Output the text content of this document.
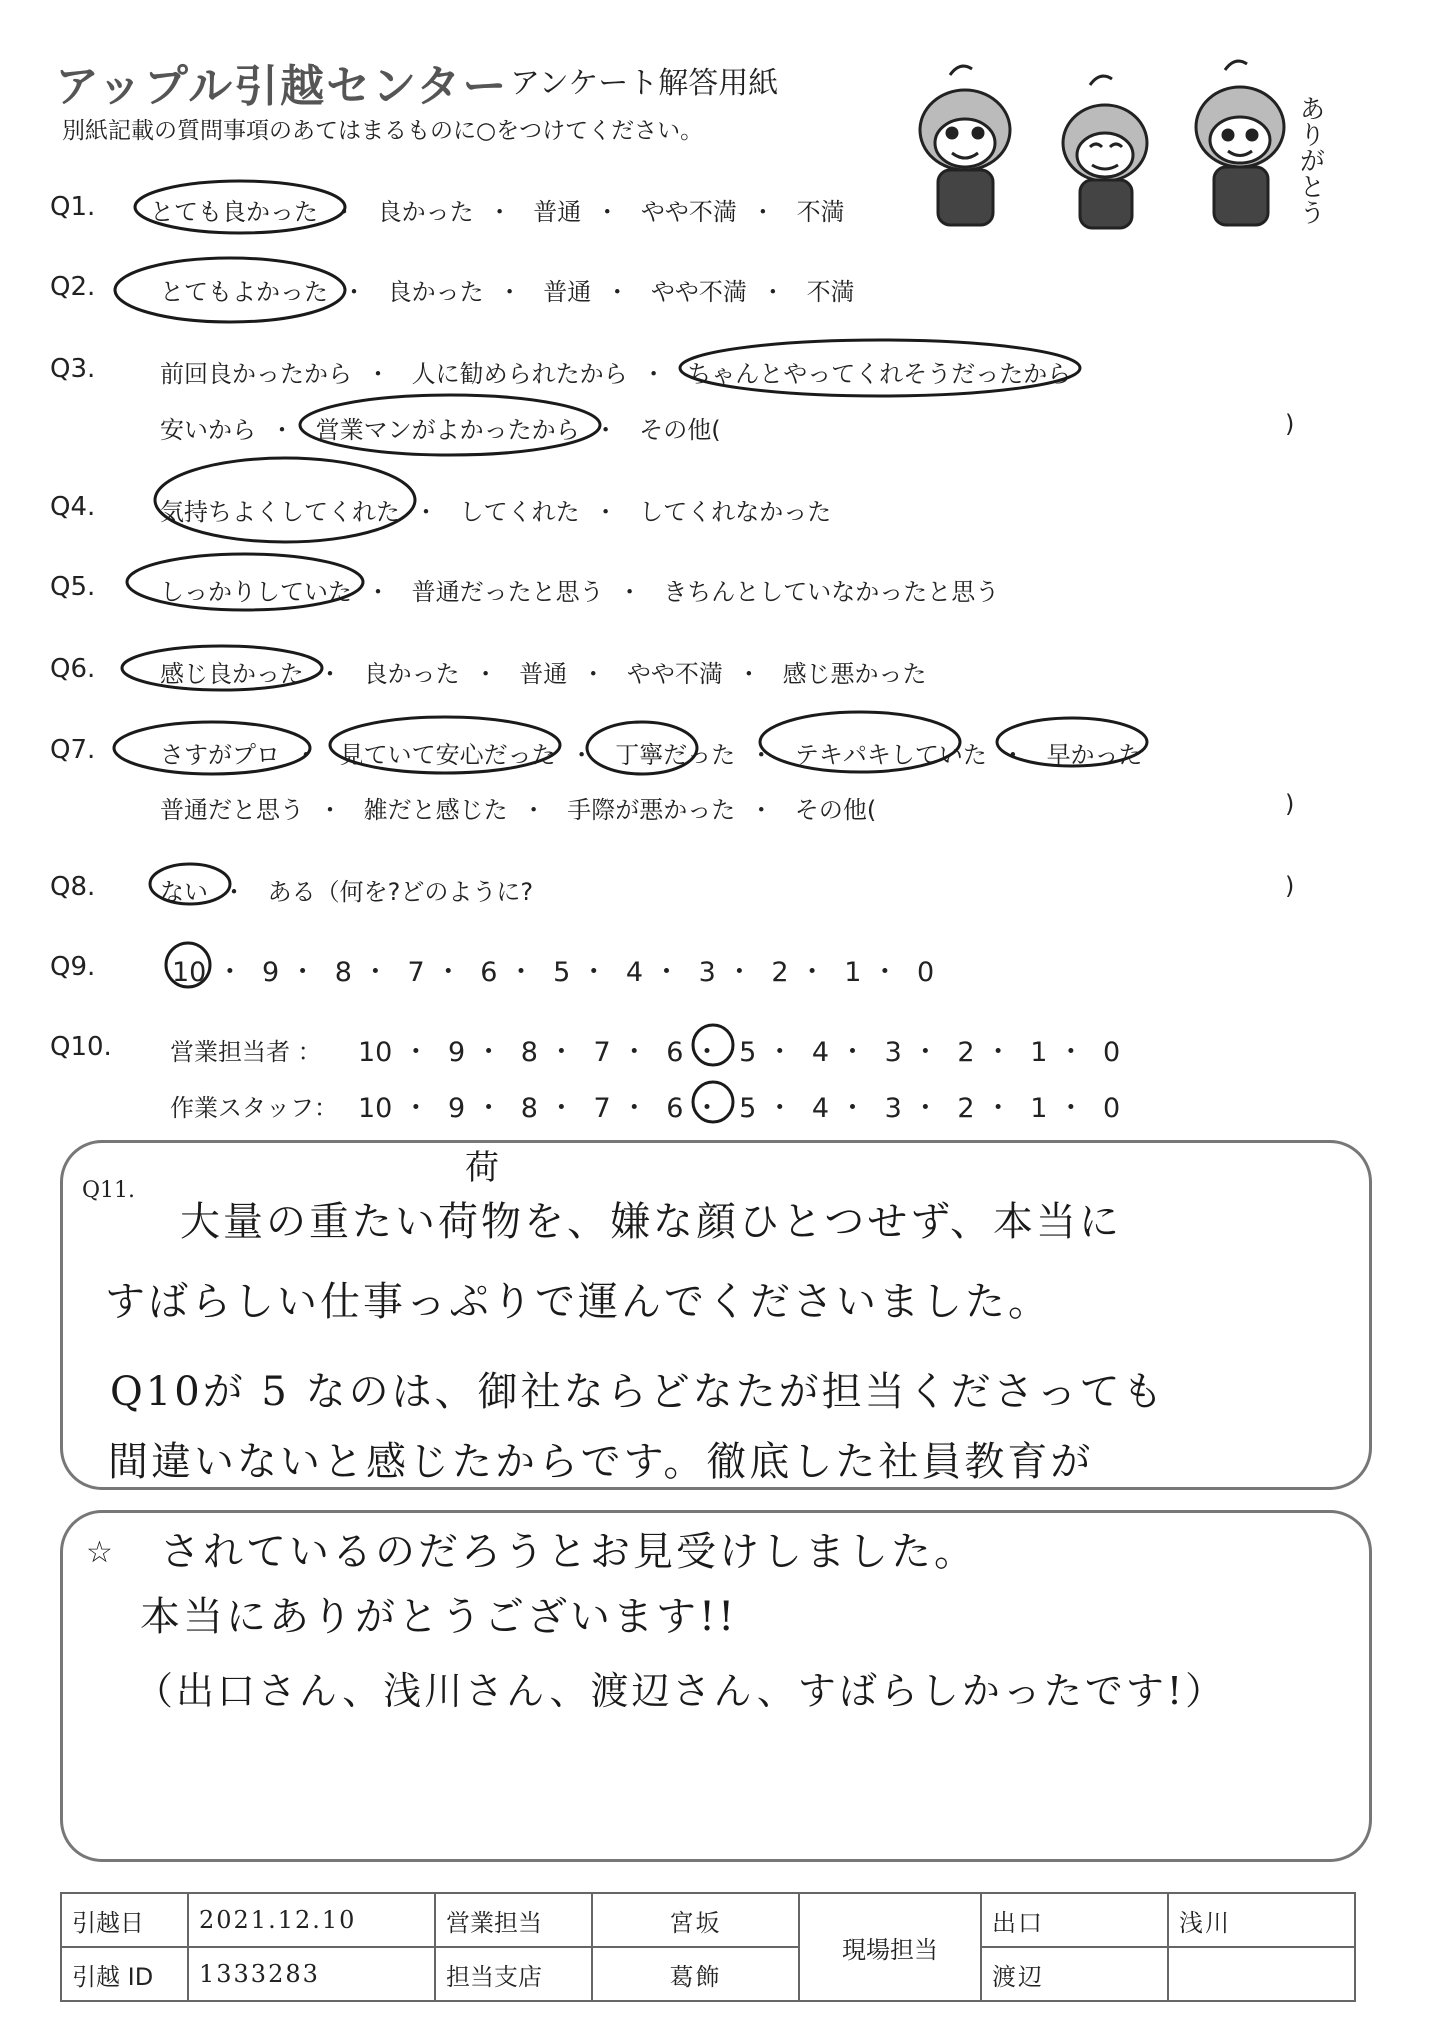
アップル引越センター アンケート解答用紙
別紙記載の質問事項のあてはまるものに○をつけてください。	ありがとう
Q1. とても良かった ・ 良かった ・ 普通 ・ やや不満 ・ 不満
Q2.	とてもよかった ・ 良かった ・ 普通 ・ やや不満 ・ 不満
Q3.	前回良かったから ・ 人に勧められたから ・ ちゃんとやってくれそうだったから
安いから ・ 営業マンがよかったから ・ その他(	)
Q4.	気持ちよくしてくれた ・ してくれた ・ してくれなかった
Q5.	しっかりしていた ・ 普通だったと思う ・ きちんとしていなかったと思う
Q6.	感じ良かった ・ 良かった ・ 普通 ・ やや不満 ・ 感じ悪かった
Q7.	さすがプロ ・ 見ていて安心だった ・ 丁寧だった ・ テキパキしていた ・ 早かった
普通だと思う ・ 雑だと感じた ・ 手際が悪かった ・ その他(	)
Q8.	ない ・ ある（何を?どのように?	)
Q9.	10 ・ 9 ・ 8 ・ 7 ・ 6 ・ 5 ・ 4 ・ 3 ・ 2 ・ 1 ・ 0
Q10. 営業担当者 ： 10 ・ 9 ・ 8 ・ 7 ・ 6 ・ 5 ・ 4 ・ 3 ・ 2 ・ 1 ・ 0
作業スタッフ： 10 ・ 9 ・ 8 ・ 7 ・ 6 ・ 5 ・ 4 ・ 3 ・ 2 ・ 1 ・ 0
Q11.
荷
大量の重たい荷物を、嫌な顔ひとつせず、本当に
すばらしい仕事っぷりで運んでくださいました。
Q10が 5 なのは、御社ならどなたが担当くださっても
間違いないと感じたからです。徹底した社員教育が
☆ されているのだろうとお見受けしました。
本当にありがとうございます!!
（出口さん、浅川さん、渡辺さん、すばらしかったです!）
引越日	2021.12.10	営業担当	宮坂	現場担当	出口	浅川
引越 ID	1333283	担当支店	葛飾		渡辺	
